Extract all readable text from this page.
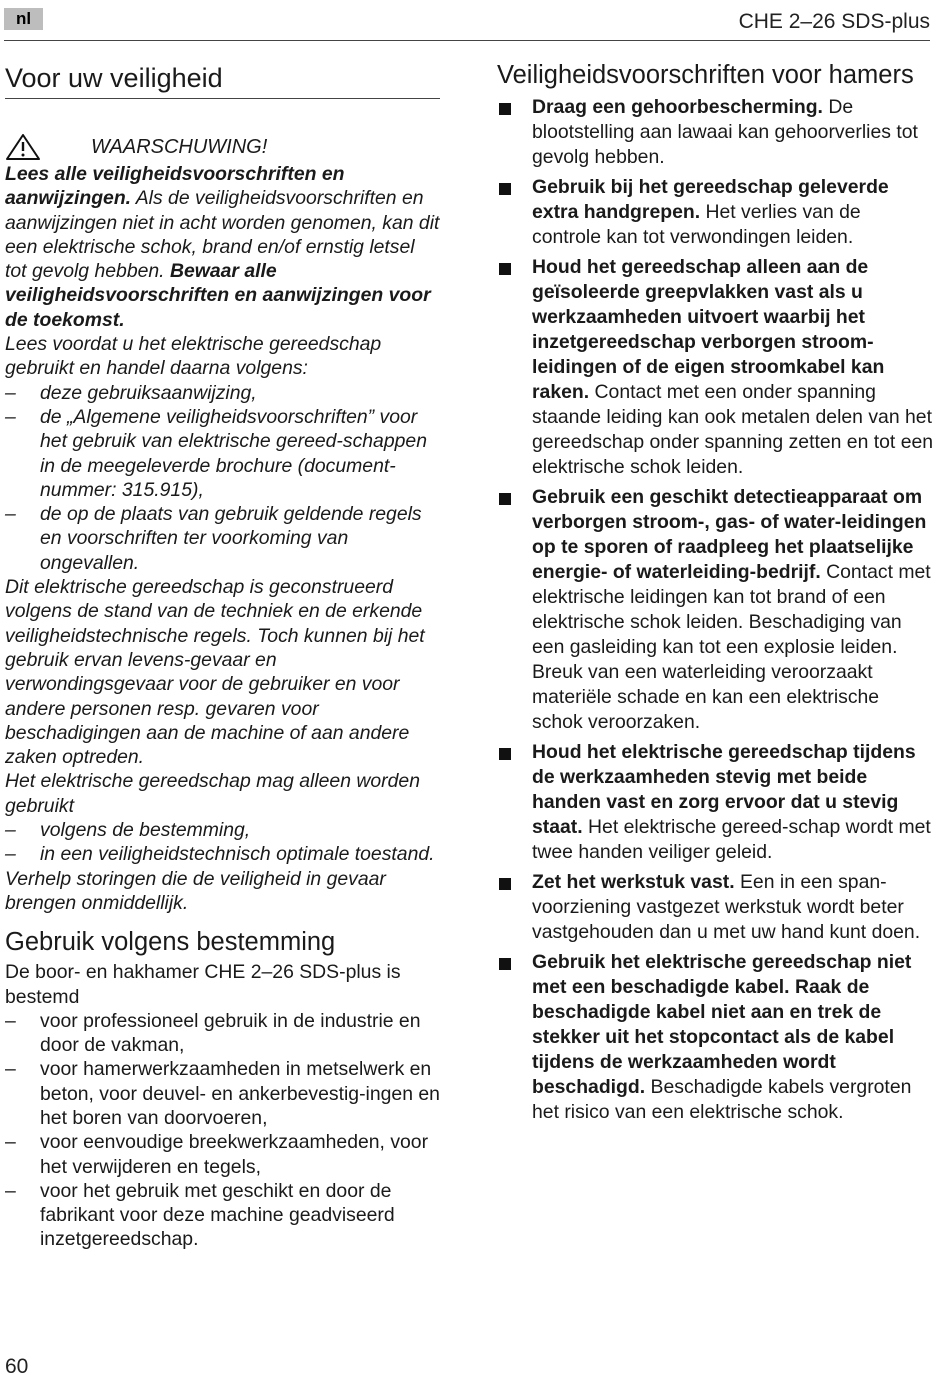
nl	CHE 2–26 SDS-plus
Voor uw veiligheid
WAARSCHUWING!

Lees alle veiligheidsvoorschriften en aanwijzingen. Als de veiligheidsvoorschriften en aanwijzingen niet in acht worden genomen, kan dit een elektrische schok, brand en/of ernstig letsel tot gevolg hebben. Bewaar alle veiligheidsvoorschriften en aanwijzingen voor de toekomst.

Lees voordat u het elektrische gereedschap gebruikt en handel daarna volgens:

– deze gebruiksaanwijzing,
– de „Algemene veiligheidsvoorschriften” voor het gebruik van elektrische gereed-schappen in de meegeleverde brochure (document-nummer: 315.915),
– de op de plaats van gebruik geldende regels en voorschriften ter voorkoming van ongevallen.

Dit elektrische gereedschap is geconstrueerd volgens de stand van de techniek en de erkende veiligheidstechnische regels. Toch kunnen bij het gebruik ervan levens-gevaar en verwondingsgevaar voor de gebruiker en voor andere personen resp. gevaren voor beschadigingen aan de machine of aan andere zaken optreden.

Het elektrische gereedschap mag alleen worden gebruikt

– volgens de bestemming,
– in een veiligheidstechnisch optimale toestand.

Verhelp storingen die de veiligheid in gevaar brengen onmiddellijk.

Gebruik volgens bestemming

De boor- en hakhamer CHE 2–26 SDS-plus is bestemd

– voor professioneel gebruik in de industrie en door de vakman,
– voor hamerwerkzaamheden in metselwerk en beton, voor deuvel- en ankerbevestig-ingen en het boren van doorvoeren,
– voor eenvoudige breekwerkzaamheden, voor het verwijderen en tegels,
– voor het gebruik met geschikt en door de fabrikant voor deze machine geadviseerd inzetgereedschap.
Veiligheidsvoorschriften voor hamers
Draag een gehoorbescherming. De blootstelling aan lawaai kan gehoorverlies tot gevolg hebben.
Gebruik bij het gereedschap geleverde extra handgrepen. Het verlies van de controle kan tot verwondingen leiden.
Houd het gereedschap alleen aan de geïsoleerde greepvlakken vast als u werkzaamheden uitvoert waarbij het inzetgereedschap verborgen stroom-leidingen of de eigen stroomkabel kan raken. Contact met een onder spanning staande leiding kan ook metalen delen van het gereedschap onder spanning zetten en tot een elektrische schok leiden.
Gebruik een geschikt detectieapparaat om verborgen stroom-, gas- of water-leidingen op te sporen of raadpleeg het plaatselijke energie- of waterleiding-bedrijf. Contact met elektrische leidingen kan tot brand of een elektrische schok leiden. Beschadiging van een gasleiding kan tot een explosie leiden. Breuk van een waterleiding veroorzaakt materiële schade en kan een elektrische schok veroorzaken.
Houd het elektrische gereedschap tijdens de werkzaamheden stevig met beide handen vast en zorg ervoor dat u stevig staat. Het elektrische gereed-schap wordt met twee handen veiliger geleid.
Zet het werkstuk vast. Een in een span-voorziening vastgezet werkstuk wordt beter vastgehouden dan u met uw hand kunt doen.
Gebruik het elektrische gereedschap niet met een beschadigde kabel. Raak de beschadigde kabel niet aan en trek de stekker uit het stopcontact als de kabel tijdens de werkzaamheden wordt beschadigd. Beschadigde kabels vergroten het risico van een elektrische schok.
60
